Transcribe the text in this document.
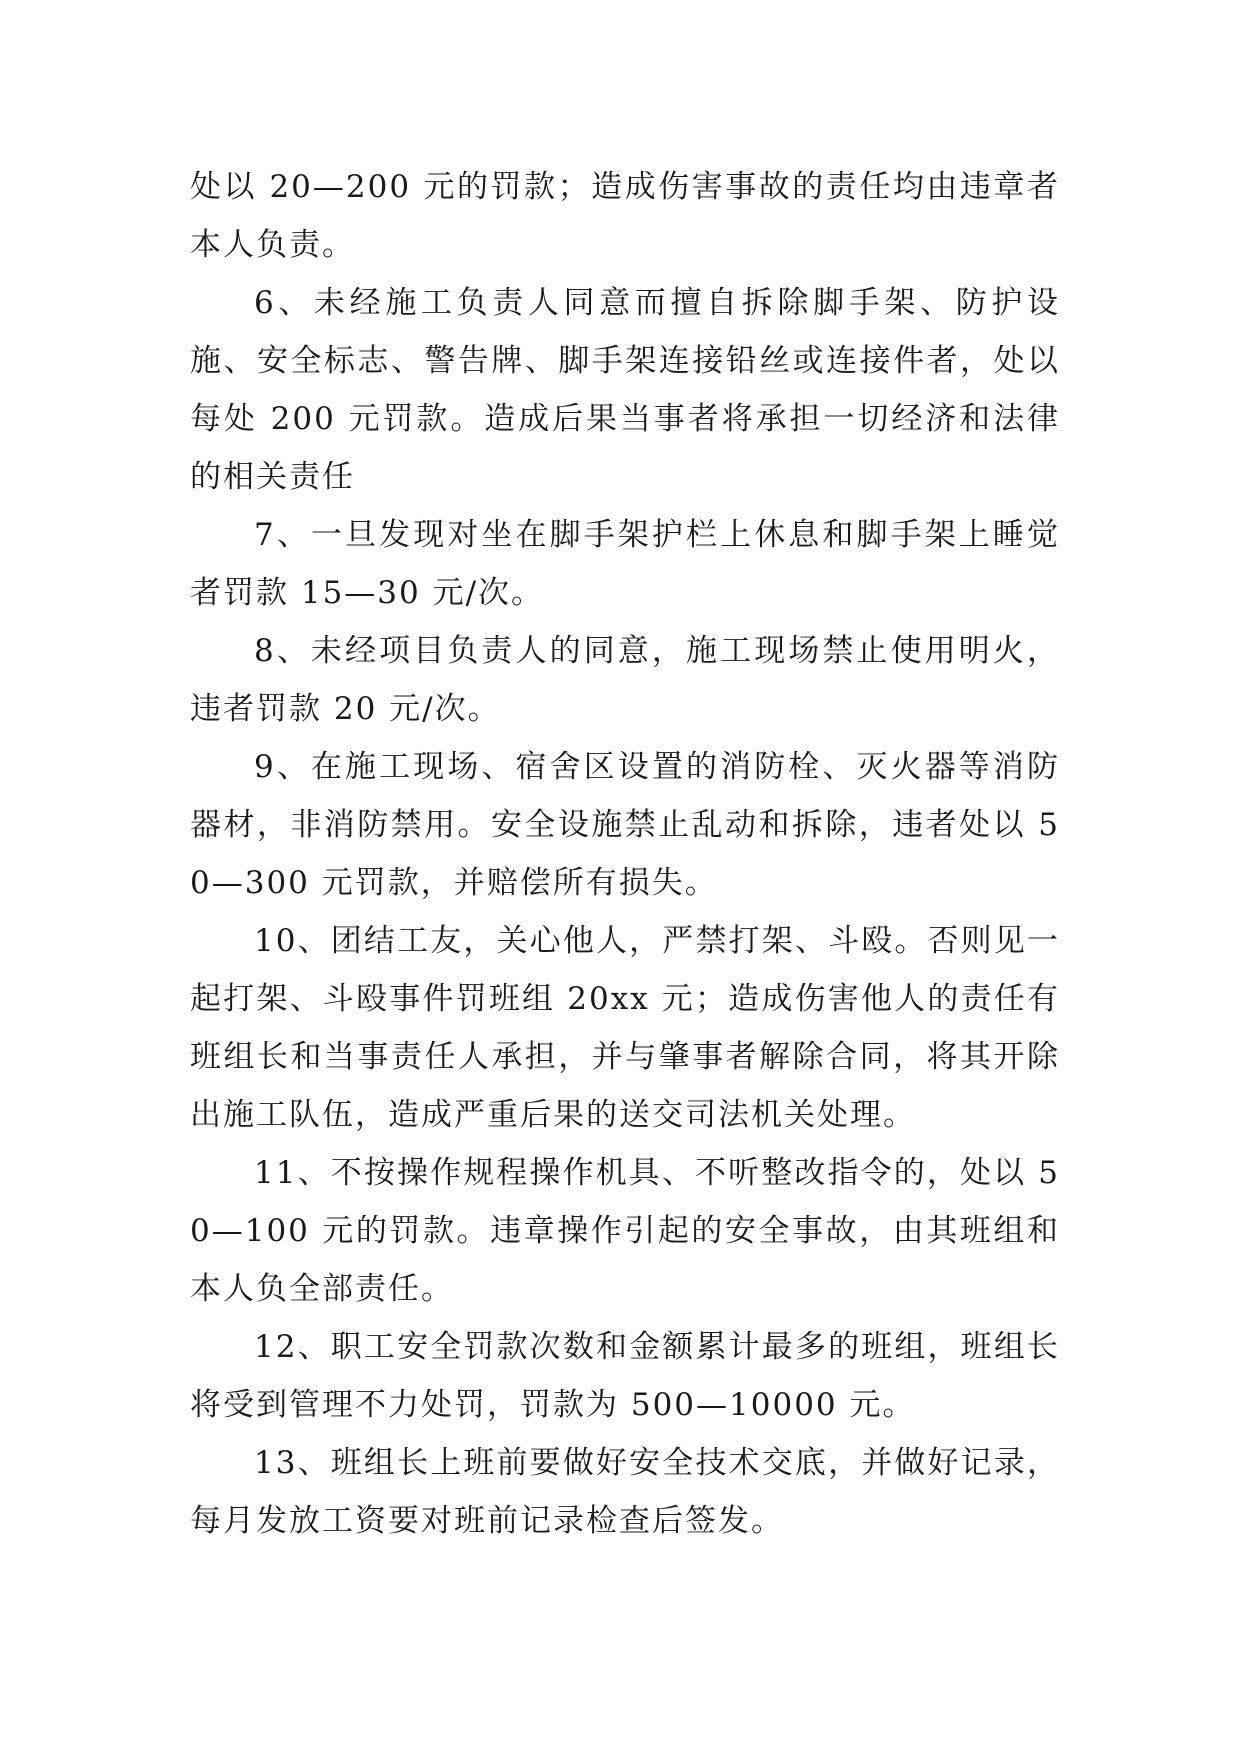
处以 20—200 元的罚款；造成伤害事故的责任均由违章者本人负责。

6、未经施工负责人同意而擅自拆除脚手架、防护设施、安全标志、警告牌、脚手架连接铅丝或连接件者，处以每处 200 元罚款。造成后果当事者将承担一切经济和法律的相关责任

7、一旦发现对坐在脚手架护栏上休息和脚手架上睡觉者罚款 15—30 元/次。

8、未经项目负责人的同意，施工现场禁止使用明火，违者罚款 20 元/次。

9、在施工现场、宿舍区设置的消防栓、灭火器等消防器材，非消防禁用。安全设施禁止乱动和拆除，违者处以 50—300 元罚款，并赔偿所有损失。

10、团结工友，关心他人，严禁打架、斗殴。否则见一起打架、斗殴事件罚班组 20xx 元；造成伤害他人的责任有班组长和当事责任人承担，并与肇事者解除合同，将其开除出施工队伍，造成严重后果的送交司法机关处理。

11、不按操作规程操作机具、不听整改指令的，处以 50—100 元的罚款。违章操作引起的安全事故，由其班组和本人负全部责任。

12、职工安全罚款次数和金额累计最多的班组，班组长将受到管理不力处罚，罚款为 500—10000 元。

13、班组长上班前要做好安全技术交底，并做好记录，每月发放工资要对班前记录检查后签发。
